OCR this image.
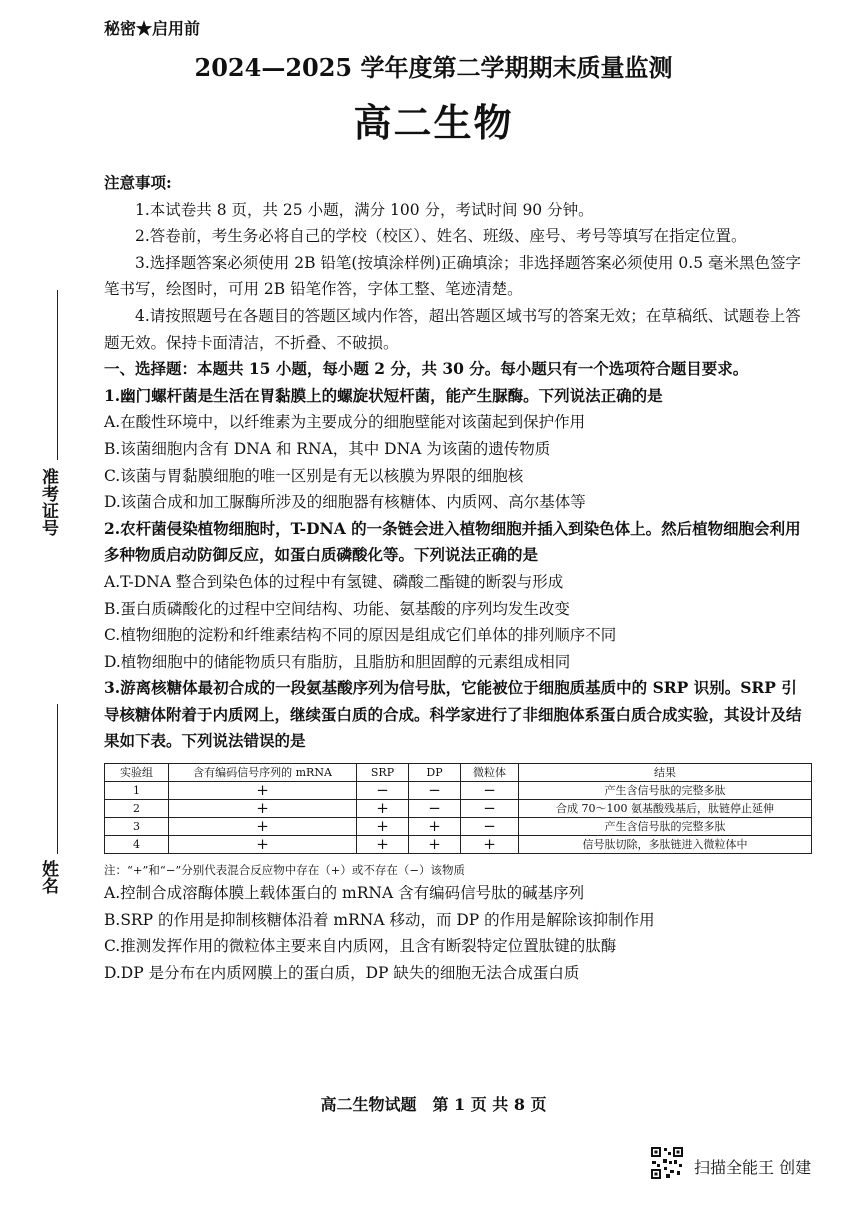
秘密★启用前
2024—2025 学年度第二学期期末质量监测
高二生物
准考证号
姓名

注意事项:

1.本试卷共 8 页，共 25 小题，满分 100 分，考试时间 90 分钟。

2.答卷前，考生务必将自己的学校（校区）、姓名、班级、座号、考号等填写在指定位置。

3.选择题答案必须使用 2B 铅笔(按填涂样例)正确填涂；非选择题答案必须使用 0.5 毫米黑色签字笔书写，绘图时，可用 2B 铅笔作答，字体工整、笔迹清楚。

4.请按照题号在各题目的答题区域内作答，超出答题区域书写的答案无效；在草稿纸、试题卷上答题无效。保持卡面清洁，不折叠、不破损。

一、选择题：本题共 15 小题，每小题 2 分，共 30 分。每小题只有一个选项符合题目要求。

1.幽门螺杆菌是生活在胃黏膜上的螺旋状短杆菌，能产生脲酶。下列说法正确的是

A.在酸性环境中，以纤维素为主要成分的细胞壁能对该菌起到保护作用

B.该菌细胞内含有 DNA 和 RNA，其中 DNA 为该菌的遗传物质

C.该菌与胃黏膜细胞的唯一区别是有无以核膜为界限的细胞核

D.该菌合成和加工脲酶所涉及的细胞器有核糖体、内质网、高尔基体等

2.农杆菌侵染植物细胞时，T-DNA 的一条链会进入植物细胞并插入到染色体上。然后植物细胞会利用多种物质启动防御反应，如蛋白质磷酸化等。下列说法正确的是

A.T-DNA 整合到染色体的过程中有氢键、磷酸二酯键的断裂与形成

B.蛋白质磷酸化的过程中空间结构、功能、氨基酸的序列均发生改变

C.植物细胞的淀粉和纤维素结构不同的原因是组成它们单体的排列顺序不同

D.植物细胞中的储能物质只有脂肪，且脂肪和胆固醇的元素组成相同

3.游离核糖体最初合成的一段氨基酸序列为信号肽，它能被位于细胞质基质中的 SRP 识别。SRP 引导核糖体附着于内质网上，继续蛋白质的合成。科学家进行了非细胞体系蛋白质合成实验，其设计及结果如下表。下列说法错误的是

实验组	含有编码信号序列的 mRNA	SRP	DP	微粒体	结果
1	+	−	−	−	产生含信号肽的完整多肽
2	+	+	−	−	合成 70～100 氨基酸残基后，肽链停止延伸
3	+	+	+	−	产生含信号肽的完整多肽
4	+	+	+	+	信号肽切除，多肽链进入微粒体中

注：“+”和“−”分别代表混合反应物中存在（+）或不存在（−）该物质

A.控制合成溶酶体膜上载体蛋白的 mRNA 含有编码信号肽的碱基序列

B.SRP 的作用是抑制核糖体沿着 mRNA 移动，而 DP 的作用是解除该抑制作用

C.推测发挥作用的微粒体主要来自内质网，且含有断裂特定位置肽键的肽酶

D.DP 是分布在内质网膜上的蛋白质，DP 缺失的细胞无法合成蛋白质

高二生物试题　第 1 页 共 8 页
扫描全能王 创建
